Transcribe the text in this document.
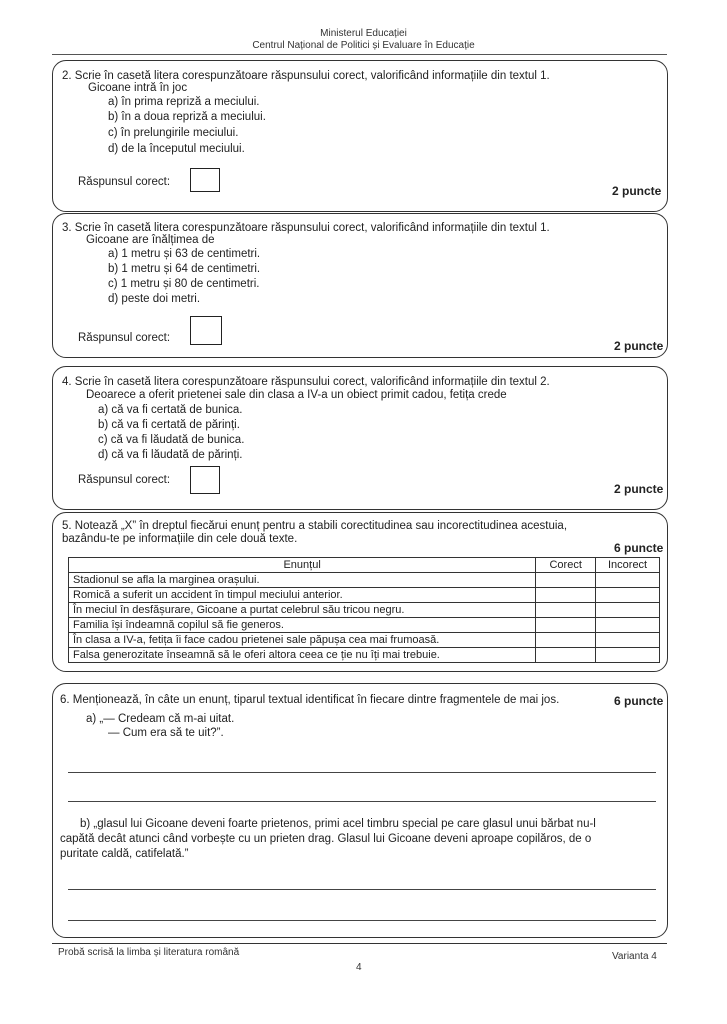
Ministerul Educației
Centrul Național de Politici și Evaluare în Educație
2. Scrie în casetă litera corespunzătoare răspunsului corect, valorificând informațiile din textul 1.
Gicoane intră în joc
a) în prima repriză a meciului.
b) în a doua repriză a meciului.
c) în prelungirile meciului.
d) de la începutul meciului.
Răspunsul corect:
2 puncte
3. Scrie în casetă litera corespunzătoare răspunsului corect, valorificând informațiile din textul 1.
Gicoane are înălțimea de
a) 1 metru și 63 de centimetri.
b) 1 metru și 64 de centimetri.
c) 1 metru și 80 de centimetri.
d) peste doi metri.
Răspunsul corect:
2 puncte
4. Scrie în casetă litera corespunzătoare răspunsului corect, valorificând informațiile din textul 2.
Deoarece a oferit prietenei sale din clasa a IV-a un obiect primit cadou, fetița crede
a) că va fi certată de bunica.
b) că va fi certată de părinți.
c) că va fi lăudată de bunica.
d) că va fi lăudată de părinți.
Răspunsul corect:
2 puncte
5. Notează „X” în dreptul fiecărui enunț pentru a stabili corectitudinea sau incorectitudinea acestuia,
bazându-te pe informațiile din cele două texte.
6 puncte
Enunțul	Corect	Incorect
Stadionul se afla la marginea orașului.		
Romică a suferit un accident în timpul meciului anterior.		
În meciul în desfășurare, Gicoane a purtat celebrul său tricou negru.		
Familia își îndeamnă copilul să fie generos.		
În clasa a IV-a, fetița îi face cadou prietenei sale păpușa cea mai frumoasă.		
Falsa generozitate înseamnă să le oferi altora ceea ce ție nu îți mai trebuie.		
6. Menționează, în câte un enunț, tiparul textual identificat în fiecare dintre fragmentele de mai jos.	6 puncte
a) „— Credeam că m-ai uitat.
— Cum era să te uit?”.
b) „glasul lui Gicoane deveni foarte prietenos, primi acel timbru special pe care glasul unui bărbat nu-l
capătă decât atunci când vorbește cu un prieten drag. Glasul lui Gicoane deveni aproape copilăros, de o
puritate caldă, catifelată.”
Probă scrisă la limba și literatura română
4
Varianta 4
